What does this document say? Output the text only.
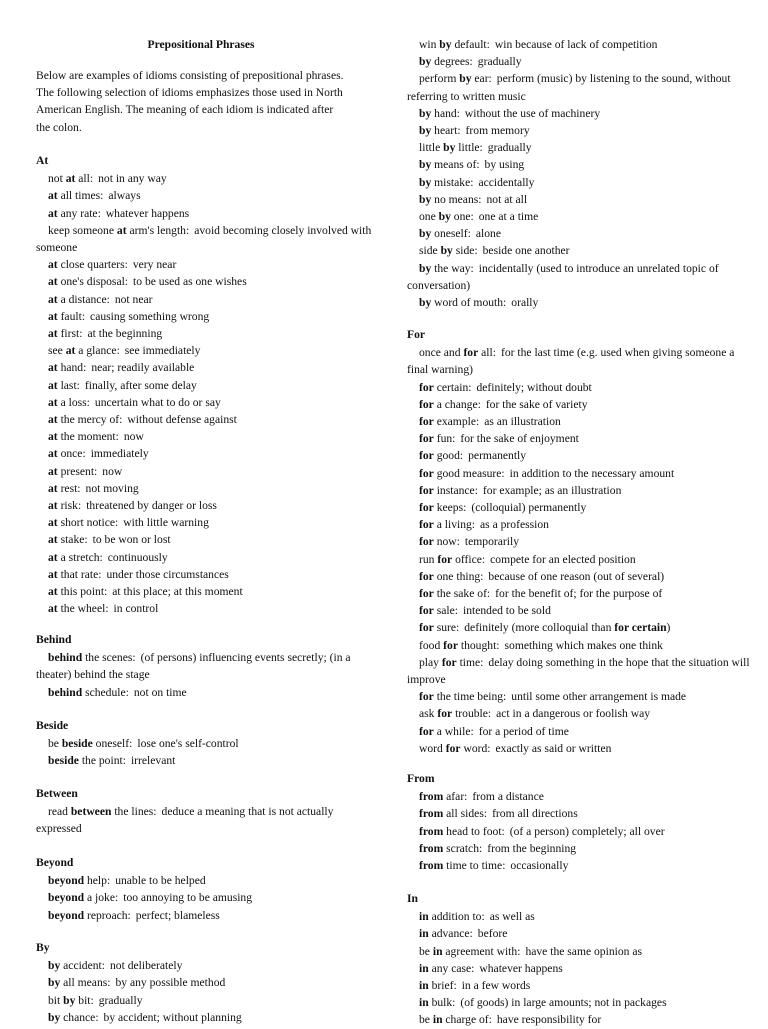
Prepositional Phrases
Below are examples of idioms consisting of prepositional phrases. The following selection of idioms emphasizes those used in North American English. The meaning of each idiom is indicated after the colon.
At
not at all: not in any way
at all times: always
at any rate: whatever happens
keep someone at arm's length: avoid becoming closely involved with someone
at close quarters: very near
at one's disposal: to be used as one wishes
at a distance: not near
at fault: causing something wrong
at first: at the beginning
see at a glance: see immediately
at hand: near; readily available
at last: finally, after some delay
at a loss: uncertain what to do or say
at the mercy of: without defense against
at the moment: now
at once: immediately
at present: now
at rest: not moving
at risk: threatened by danger or loss
at short notice: with little warning
at stake: to be won or lost
at a stretch: continuously
at that rate: under those circumstances
at this point: at this place; at this moment
at the wheel: in control
Behind
behind the scenes: (of persons) influencing events secretly; (in a theater) behind the stage
behind schedule: not on time
Beside
be beside oneself: lose one's self-control
beside the point: irrelevant
Between
read between the lines: deduce a meaning that is not actually expressed
Beyond
beyond help: unable to be helped
beyond a joke: too annoying to be amusing
beyond reproach: perfect; blameless
By
by accident: not deliberately
by all means: by any possible method
bit by bit: gradually
by chance: by accident; without planning
win by default: win because of lack of competition
by degrees: gradually
perform by ear: perform (music) by listening to the sound, without referring to written music
by hand: without the use of machinery
by heart: from memory
little by little: gradually
by means of: by using
by mistake: accidentally
by no means: not at all
one by one: one at a time
by oneself: alone
side by side: beside one another
by the way: incidentally (used to introduce an unrelated topic of conversation)
by word of mouth: orally
For
once and for all: for the last time (e.g. used when giving someone a final warning)
for certain: definitely; without doubt
for a change: for the sake of variety
for example: as an illustration
for fun: for the sake of enjoyment
for good: permanently
for good measure: in addition to the necessary amount
for instance: for example; as an illustration
for keeps: (colloquial) permanently
for a living: as a profession
for now: temporarily
run for office: compete for an elected position
for one thing: because of one reason (out of several)
for the sake of: for the benefit of; for the purpose of
for sale: intended to be sold
for sure: definitely (more colloquial than for certain)
food for thought: something which makes one think
play for time: delay doing something in the hope that the situation will improve
for the time being: until some other arrangement is made
ask for trouble: act in a dangerous or foolish way
for a while: for a period of time
word for word: exactly as said or written
From
from afar: from a distance
from all sides: from all directions
from head to foot: (of a person) completely; all over
from scratch: from the beginning
from time to time: occasionally
In
in addition to: as well as
in advance: before
be in agreement with: have the same opinion as
in any case: whatever happens
in brief: in a few words
in bulk: (of goods) in large amounts; not in packages
be in charge of: have responsibility for
